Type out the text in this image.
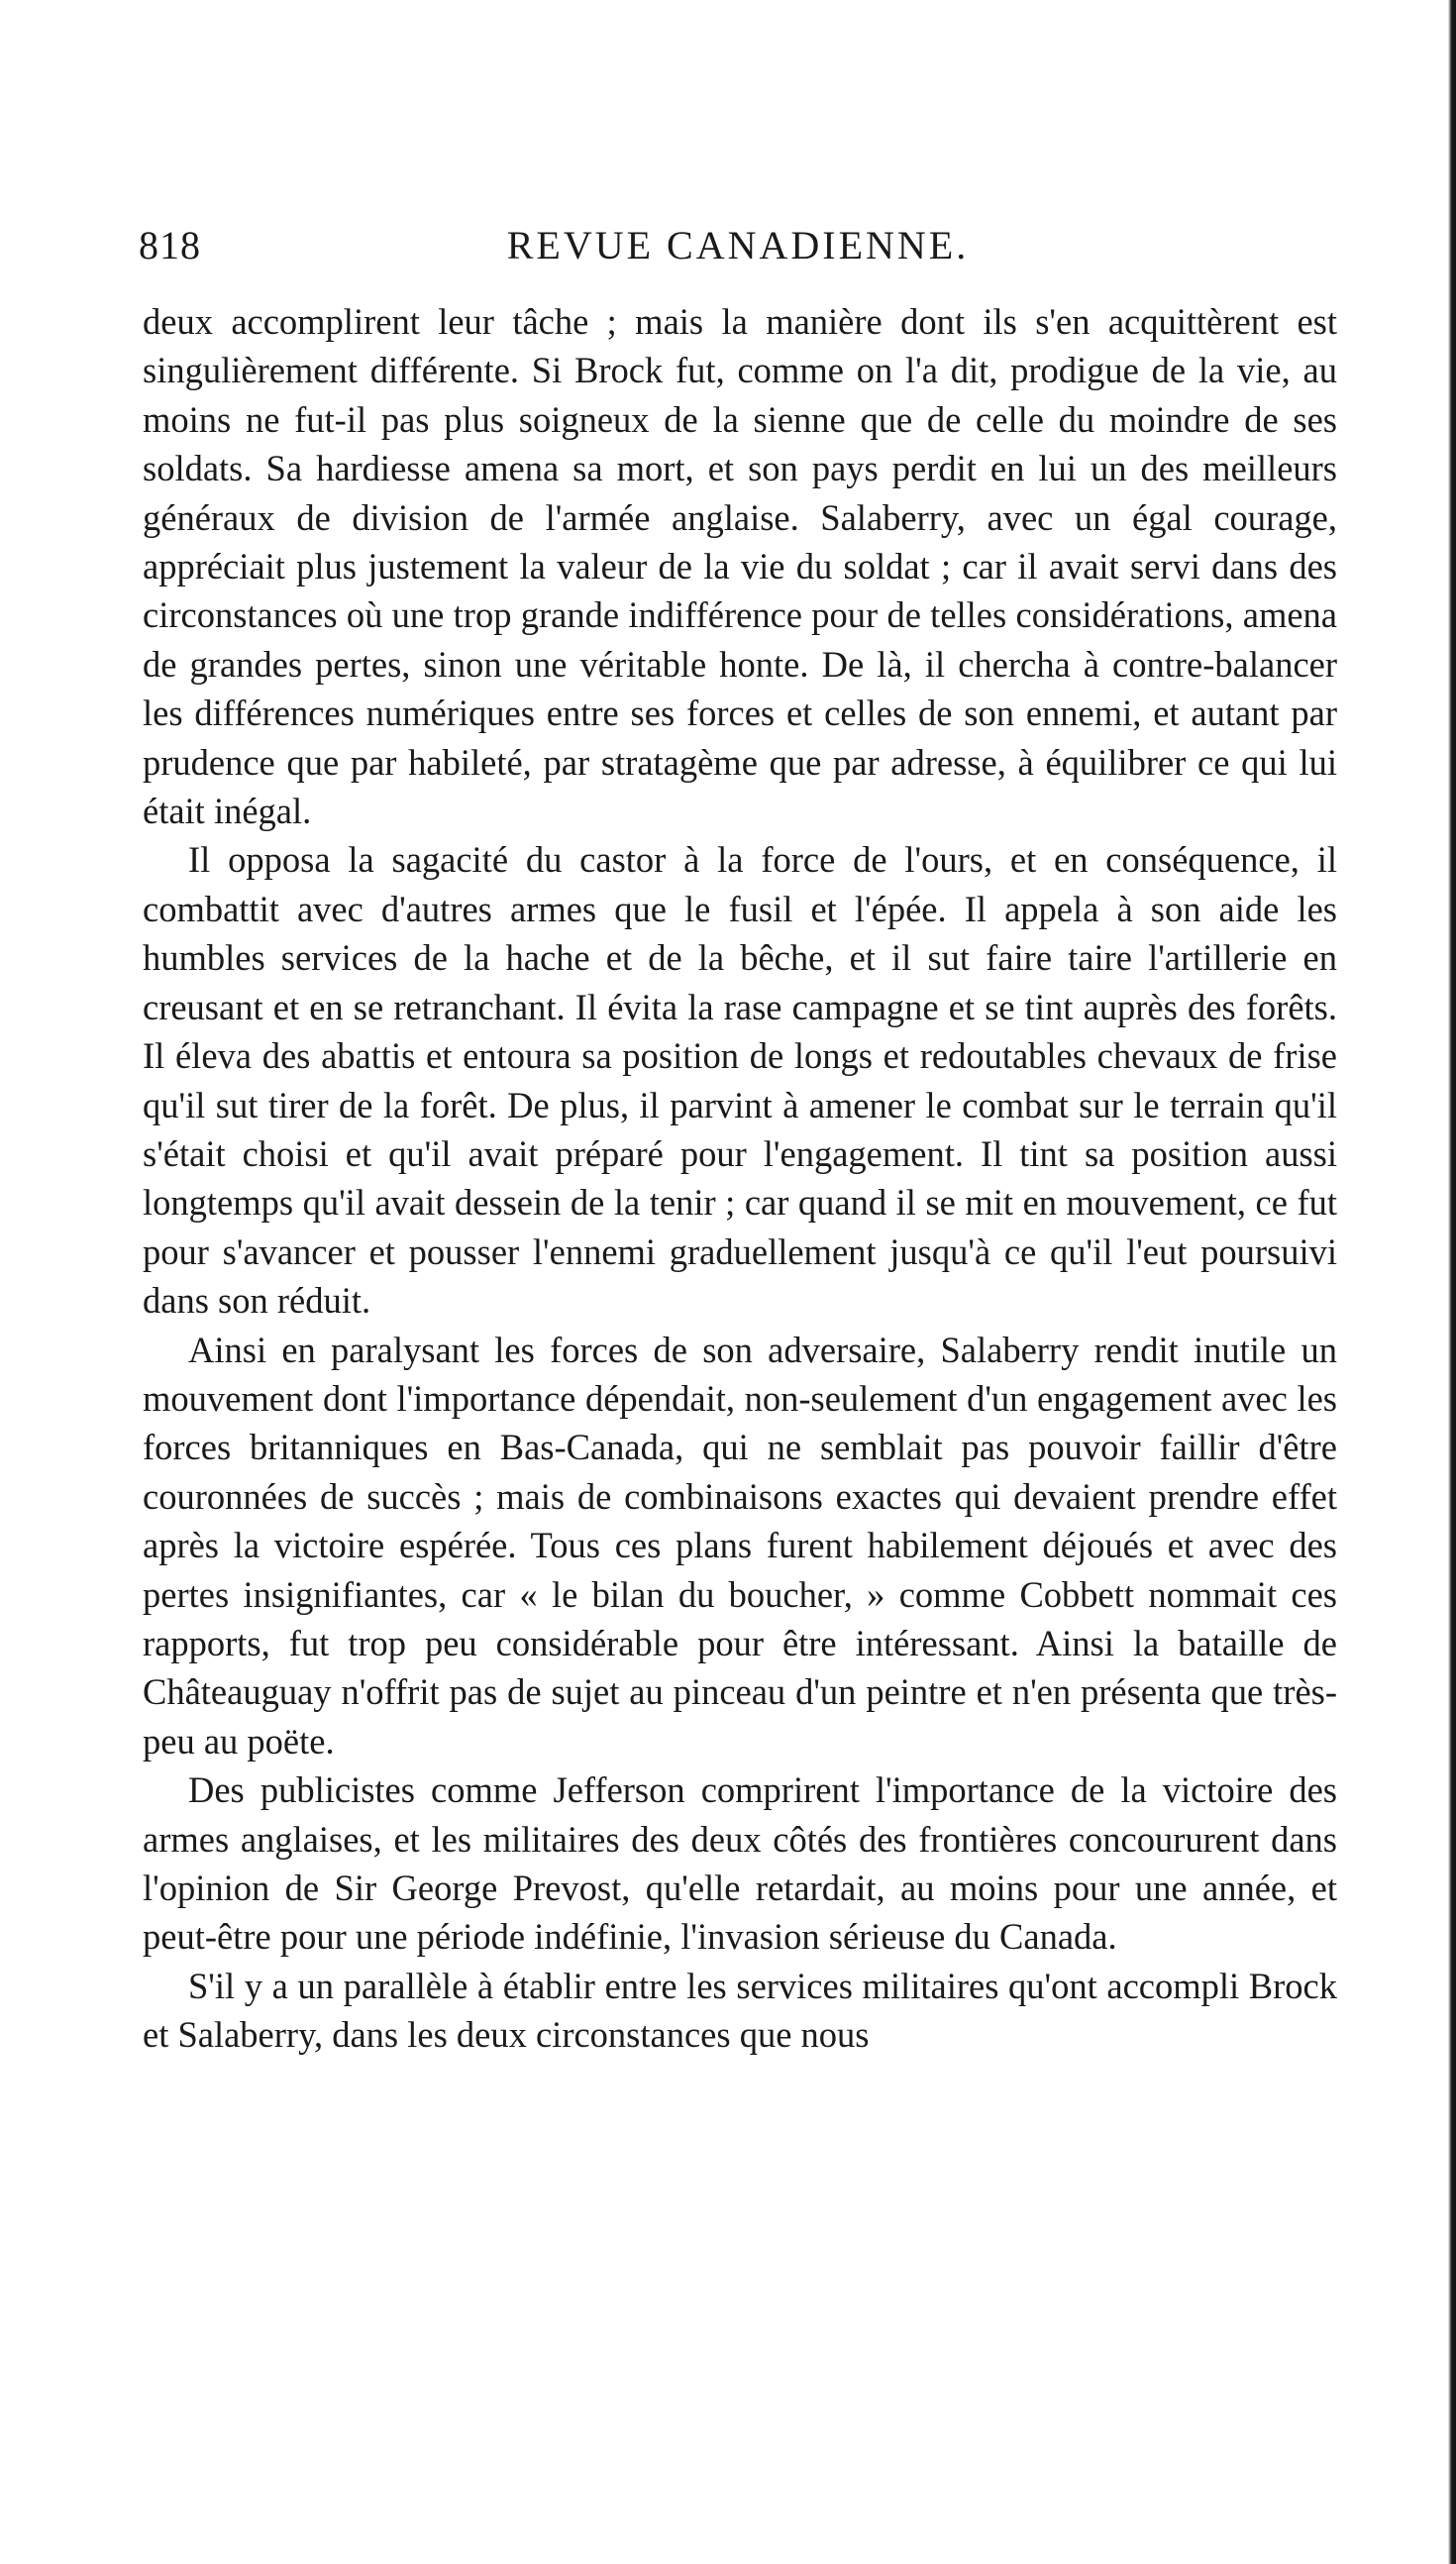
818	REVUE CANADIENNE.

deux accomplirent leur tâche ; mais la manière dont ils s'en acquittèrent est singulièrement différente. Si Brock fut, comme on l'a dit, prodigue de la vie, au moins ne fut-il pas plus soigneux de la sienne que de celle du moindre de ses soldats. Sa hardiesse amena sa mort, et son pays perdit en lui un des meilleurs généraux de division de l'armée anglaise. Salaberry, avec un égal courage, appréciait plus justement la valeur de la vie du soldat ; car il avait servi dans des circonstances où une trop grande indifférence pour de telles considérations, amena de grandes pertes, sinon une véritable honte. De là, il chercha à contre-balancer les différences numériques entre ses forces et celles de son ennemi, et autant par prudence que par habileté, par stratagème que par adresse, à équilibrer ce qui lui était inégal.

Il opposa la sagacité du castor à la force de l'ours, et en conséquence, il combattit avec d'autres armes que le fusil et l'épée. Il appela à son aide les humbles services de la hache et de la bêche, et il sut faire taire l'artillerie en creusant et en se retranchant. Il évita la rase campagne et se tint auprès des forêts. Il éleva des abattis et entoura sa position de longs et redoutables chevaux de frise qu'il sut tirer de la forêt. De plus, il parvint à amener le combat sur le terrain qu'il s'était choisi et qu'il avait préparé pour l'engagement. Il tint sa position aussi longtemps qu'il avait dessein de la tenir ; car quand il se mit en mouvement, ce fut pour s'avancer et pousser l'ennemi graduellement jusqu'à ce qu'il l'eut poursuivi dans son réduit.

Ainsi en paralysant les forces de son adversaire, Salaberry rendit inutile un mouvement dont l'importance dépendait, non-seulement d'un engagement avec les forces britanniques en Bas-Canada, qui ne semblait pas pouvoir faillir d'être couronnées de succès ; mais de combinaisons exactes qui devaient prendre effet après la victoire espérée. Tous ces plans furent habilement déjoués et avec des pertes insignifiantes, car « le bilan du boucher, » comme Cobbett nommait ces rapports, fut trop peu considérable pour être intéressant. Ainsi la bataille de Châteauguay n'offrit pas de sujet au pinceau d'un peintre et n'en présenta que très-peu au poëte.

Des publicistes comme Jefferson comprirent l'importance de la victoire des armes anglaises, et les militaires des deux côtés des frontières concoururent dans l'opinion de Sir George Prevost, qu'elle retardait, au moins pour une année, et peut-être pour une période indéfinie, l'invasion sérieuse du Canada.

S'il y a un parallèle à établir entre les services militaires qu'ont accompli Brock et Salaberry, dans les deux circonstances que nous
